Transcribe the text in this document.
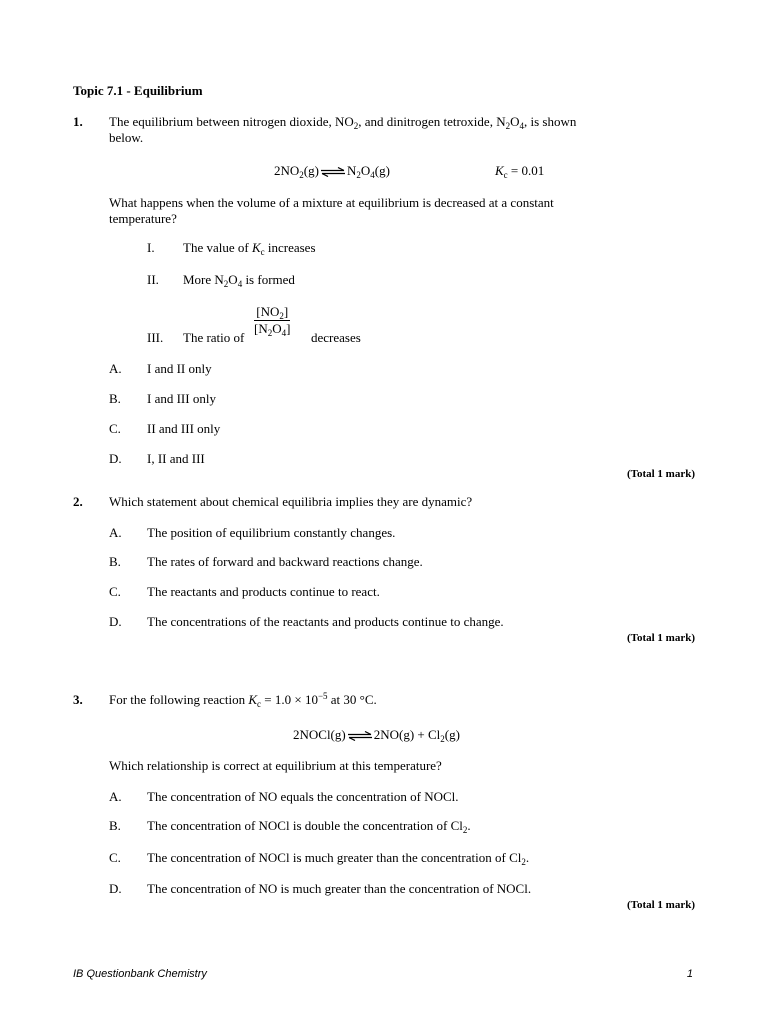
Topic 7.1 - Equilibrium
1. The equilibrium between nitrogen dioxide, $NO_2$, and dinitrogen tetroxide, $N_2O_4$, is shown
below.
$2NO_2(g)\rightleftharpoons N_2O_4(g)$	$K_c = 0.01$
What happens when the volume of a mixture at equilibrium is decreased at a constant
temperature?
I. The value of $K_c$ increases
II. More $N_2O_4$ is formed
III. The ratio of
$\frac{[NO_2]}{[N_2O_4]}$
decreases
A. I and II only
B. I and III only
C. II and III only
D. I, II and III
(Total 1 mark)
2. Which statement about chemical equilibria implies they are dynamic?
A. The position of equilibrium constantly changes.
B. The rates of forward and backward reactions change.
C. The reactants and products continue to react.
D. The concentrations of the reactants and products continue to change.
(Total 1 mark)
3. For the following reaction $K_c = 1.0 \times 10^{-5}$ at 30 °C.
2NOCl(g)⇌2NO(g) + $Cl_2(g)$
Which relationship is correct at equilibrium at this temperature?
A. The concentration of NO equals the concentration of NOCl.
B. The concentration of NOCl is double the concentration of $Cl_2$.
C. The concentration of NOCl is much greater than the concentration of $Cl_2$.
D. The concentration of NO is much greater than the concentration of NOCl.
(Total 1 mark)
IB Questionbank Chemistry	1
